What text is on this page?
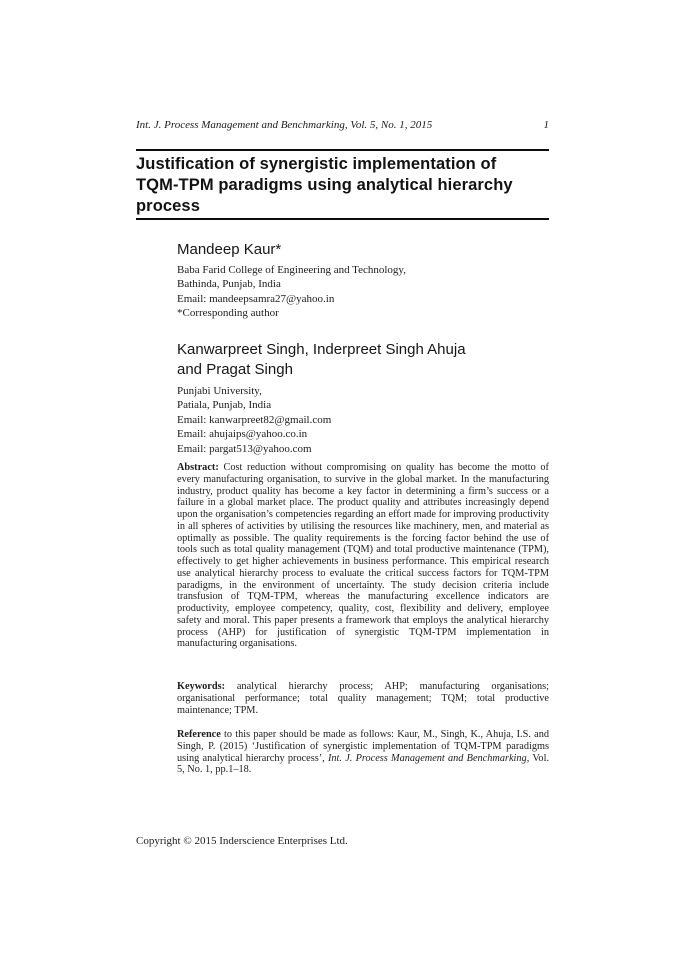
Int. J. Process Management and Benchmarking, Vol. 5, No. 1, 2015	1
Justification of synergistic implementation of
TQM-TPM paradigms using analytical hierarchy
process
Mandeep Kaur*
Baba Farid College of Engineering and Technology,
Bathinda, Punjab, India
Email: mandeepsamra27@yahoo.in
*Corresponding author
Kanwarpreet Singh, Inderpreet Singh Ahuja
and Pragat Singh
Punjabi University,
Patiala, Punjab, India
Email: kanwarpreet82@gmail.com
Email: ahujaips@yahoo.co.in
Email: pargat513@yahoo.com

Abstract: Cost reduction without compromising on quality has become the motto of every manufacturing organisation, to survive in the global market. In the manufacturing industry, product quality has become a key factor in determining a firm’s success or a failure in a global market place. The product quality and attributes increasingly depend upon the organisation’s competencies regarding an effort made for improving productivity in all spheres of activities by utilising the resources like machinery, men, and material as optimally as possible. The quality requirements is the forcing factor behind the use of tools such as total quality management (TQM) and total productive maintenance (TPM), effectively to get higher achievements in business performance. This empirical research use analytical hierarchy process to evaluate the critical success factors for TQM-TPM paradigms, in the environment of uncertainty. The study decision criteria include transfusion of TQM-TPM, whereas the manufacturing excellence indicators are productivity, employee competency, quality, cost, flexibility and delivery, employee safety and moral. This paper presents a framework that employs the analytical hierarchy process (AHP) for justification of synergistic TQM-TPM implementation in manufacturing organisations.

Keywords: analytical hierarchy process; AHP; manufacturing organisations; organisational performance; total quality management; TQM; total productive maintenance; TPM.

Reference to this paper should be made as follows: Kaur, M., Singh, K., Ahuja, I.S. and Singh, P. (2015) ‘Justification of synergistic implementation of TQM-TPM paradigms using analytical hierarchy process’, Int. J. Process Management and Benchmarking, Vol. 5, No. 1, pp.1–18.

Copyright © 2015 Inderscience Enterprises Ltd.
